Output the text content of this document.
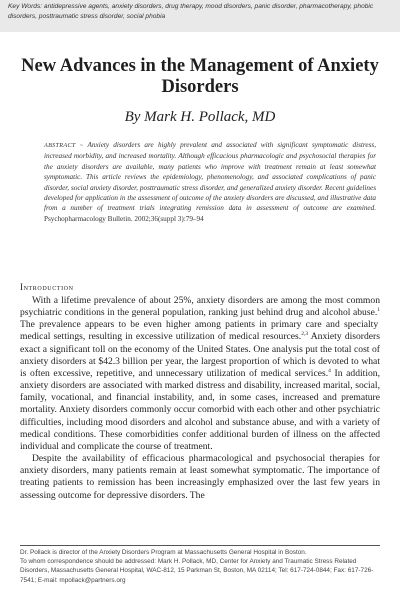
Key Words: antidepressive agents, anxiety disorders, drug therapy, mood disorders, panic disorder, pharmacotherapy, phobic disorders, posttraumatic stress disorder, social phobia
New Advances in the Management of Anxiety Disorders
By Mark H. Pollack, MD
ABSTRACT ~ Anxiety disorders are highly prevalent and associated with significant symptomatic distress, increased morbidity, and increased mortality. Although efficacious pharmacologic and psychosocial therapies for the anxiety disorders are available, many patients who improve with treatment remain at least somewhat symptomatic. This article reviews the epidemiology, phenomenology, and associated complications of panic disorder, social anxiety disorder, posttraumatic stress disorder, and generalized anxiety disorder. Recent guidelines developed for application in the assessment of outcome of the anxiety disorders are discussed, and illustrative data from a number of treatment trials integrating remission data in assessment of outcome are examined. Psychopharmacology Bulletin. 2002;36(suppl 3):79–94
Introduction

With a lifetime prevalence of about 25%, anxiety disorders are among the most common psychiatric conditions in the general population, ranking just behind drug and alcohol abuse.$^1$ The prevalence appears to be even higher among patients in primary care and specialty medical settings, resulting in excessive utilization of medical resources.$^{2,3}$ Anxiety disorders exact a significant toll on the economy of the United States. One analysis put the total cost of anxiety disorders at $42.3 billion per year, the largest proportion of which is devoted to what is often excessive, repetitive, and unnecessary utilization of medical services.$^4$ In addition, anxiety disorders are associated with marked distress and disability, increased marital, social, family, vocational, and financial instability, and, in some cases, increased and premature mortality. Anxiety disorders commonly occur comorbid with each other and other psychiatric difficulties, including mood disorders and alcohol and substance abuse, and with a variety of medical conditions. These comorbidities confer additional burden of illness on the affected individual and complicate the course of treatment.

Despite the availability of efficacious pharmacological and psychosocial therapies for anxiety disorders, many patients remain at least somewhat symptomatic. The importance of treating patients to remission has been increasingly emphasized over the last few years in assessing outcome for depressive disorders. The

Dr. Pollack is director of the Anxiety Disorders Program at Massachusetts General Hospital in Boston.

To whom correspondence should be addressed: Mark H. Pollack, MD, Center for Anxiety and Traumatic Stress Related Disorders, Massachusetts General Hospital, WAC-812, 15 Parkman St, Boston, MA 02114; Tel: 617-724-0844; Fax: 617-726-7541; E-mail: mpollack@partners.org
